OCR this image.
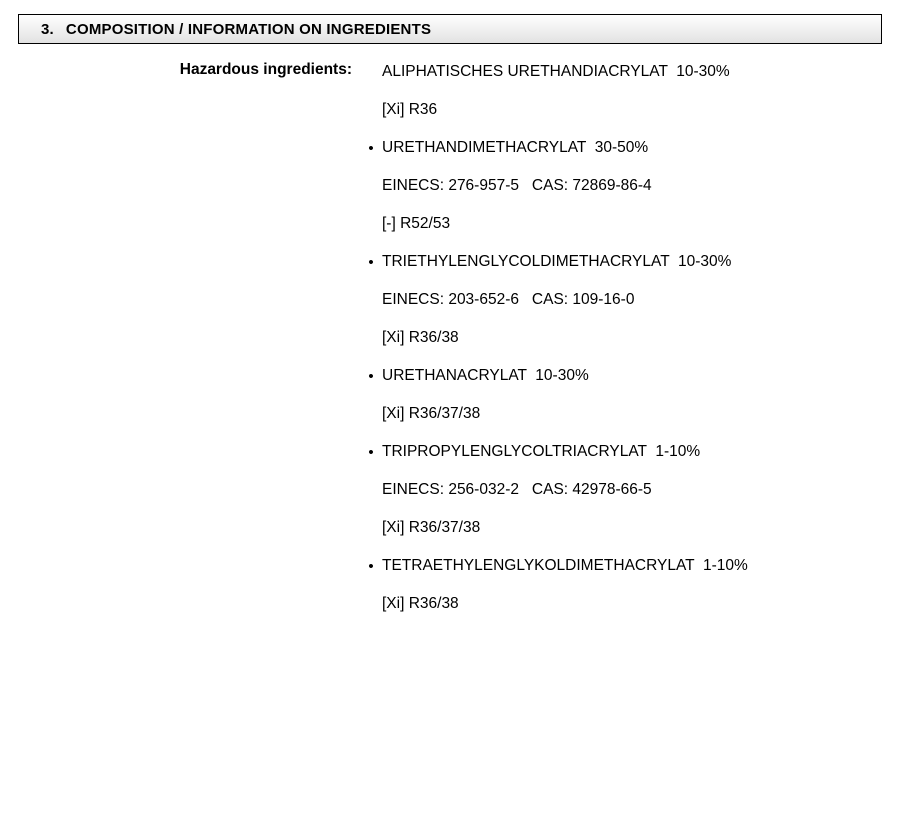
3. COMPOSITION / INFORMATION ON INGREDIENTS
Hazardous ingredients:	ALIPHATISCHES URETHANDIACRYLAT  10-30%
[Xi] R36
• URETHANDIMETHACRYLAT  30-50%
EINECS: 276-957-5   CAS: 72869-86-4
[-] R52/53
• TRIETHYLENGLYCOLDIMETHACRYLAT  10-30%
EINECS: 203-652-6   CAS: 109-16-0
[Xi] R36/38
• URETHANACRYLAT  10-30%
[Xi] R36/37/38
• TRIPROPYLENGLYCOLTRIACRYLAT  1-10%
EINECS: 256-032-2   CAS: 42978-66-5
[Xi] R36/37/38
• TETRAETHYLENGLYKOLDIMETHACRYLAT  1-10%
[Xi] R36/38
